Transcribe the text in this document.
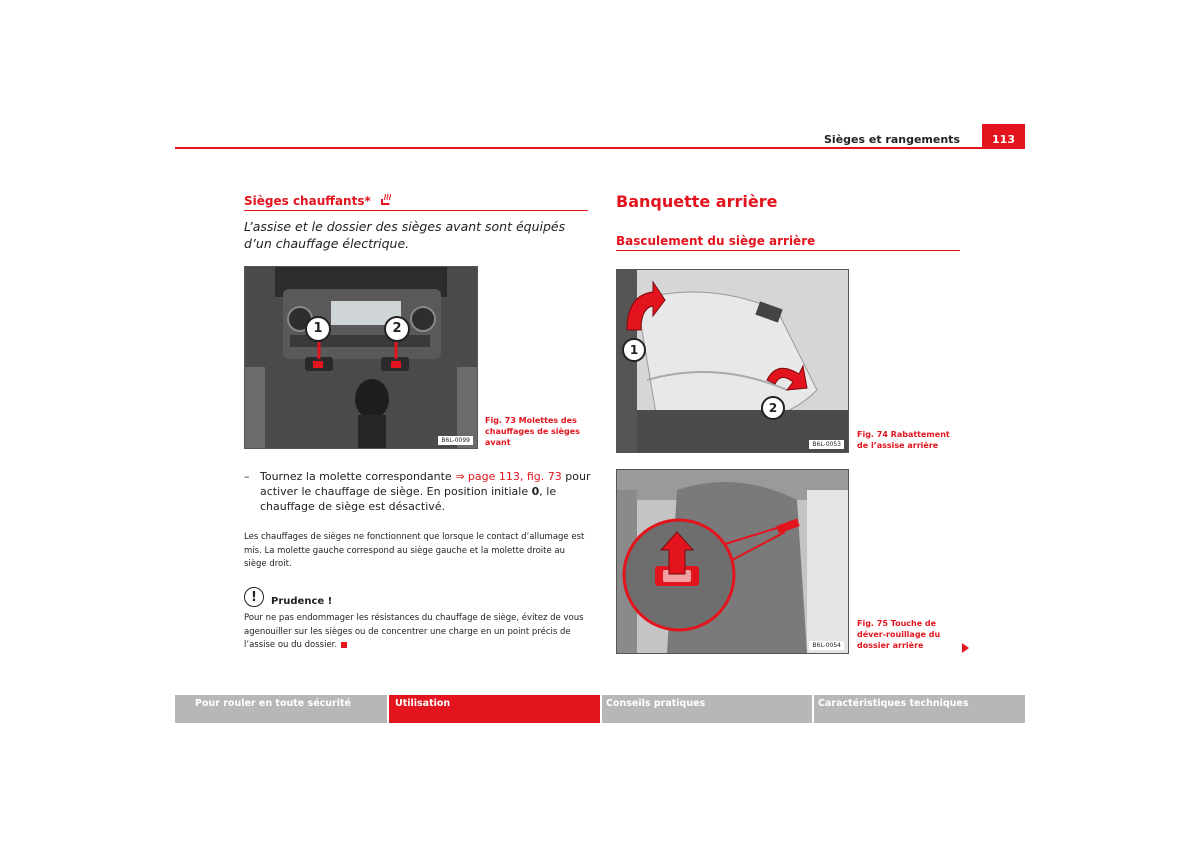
Sièges et rangements	113
Sièges chauffants*
L’assise et le dossier des sièges avant sont équipés d’un chauffage électrique.
1	2
B6L-0099
Fig. 73 Molettes des chauffages de sièges avant
– Tournez la molette correspondante ⇒ page 113, fig. 73 pour activer le chauffage de siège. En position initiale 0, le chauffage de siège est désactivé.
Les chauffages de sièges ne fonctionnent que lorsque le contact d’allumage est mis. La molette gauche correspond au siège gauche et la molette droite au siège droit.
!	Prudence !
Pour ne pas endommager les résistances du chauffage de siège, évitez de vous agenouiller sur les sièges ou de concentrer une charge en un point précis de l’assise ou du dossier.
Banquette arrière
Basculement du siège arrière
1
2
B6L-0053
Fig. 74 Rabattement de l’assise arrière
B6L-0054
Fig. 75 Touche de déver-rouillage du dossier arrière
Pour rouler en toute sécurité	Utilisation	Conseils pratiques	Caractéristiques techniques
